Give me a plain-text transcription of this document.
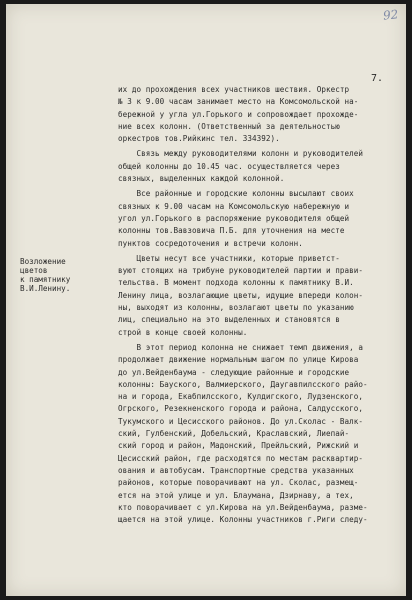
92
7.
Возложение
цветов
к памятнику
В.И.Ленину.
их до прохождения всех участников шествия. Оркестр
№ 3 к 9.00 часам занимает место на Комсомольской на-
бережной у угла ул.Горького и сопровождает прохожде-
ние всех колонн. (Ответственный за деятельностью
оркестров тов.Рийкинс тел. 334392).
Связь между руководителями колонн и руководителей
общей колонны до 10.45 час. осуществляется через
связных, выделенных каждой колонной.
Все районные и городские колонны высылают своих
связных к 9.00 часам на Комсомольскую набережную и
угол ул.Горького в распоряжение руководителя общей
колонны тов.Вавзовича П.Б. для уточнения на месте
пунктов сосредоточения и встречи колонн.
Цветы несут все участники, которые приветст-
вуют стоящих на трибуне руководителей партии и прави-
тельства. В момент подхода колонны к памятнику В.И.
Ленину лица, возлагающие цветы, идущие впереди колон-
ны, выходят из колонны, возлагают цветы по указанию
лиц, специально на это выделенных и становятся в
строй в конце своей колонны.
В этот период колонна не снижает темп движения, а
продолжает движение нормальным шагом по улице Кирова
до ул.Вейденбаума - следующие районные и городские
колонны: Бауского, Валмиерского, Даугавпилсского райо-
на и города, Екабпилсского, Кулдигского, Лудзенского,
Огрского, Резекненского города и района, Салдусского,
Тукумского и Цесисского районов. До ул.Сколас - Валк-
ский, Гулбенский, Добельский, Краславский, Лиепай-
ский город и район, Мадонский, Прейльский, Рижский и
Цесисский район, где расходятся по местам расквартир-
ования и автобусам. Транспортные средства указанных
районов, которые поворачивают на ул. Сколас, размещ-
ется на этой улице и ул. Блаумана, Дзирнаву, а тех,
кто поворачивает с ул.Кирова на ул.Вейденбаума, разме-
щается на этой улице. Колонны участников г.Риги следу-
